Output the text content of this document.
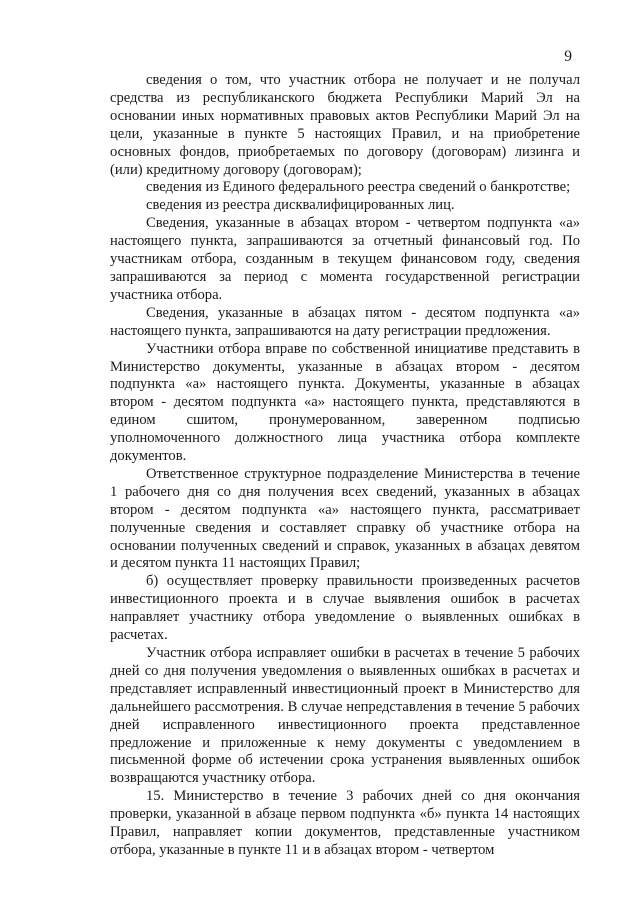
9

сведения о том, что участник отбора не получает и не получал средства из республиканского бюджета Республики Марий Эл на основании иных нормативных правовых актов Республики Марий Эл на цели, указанные в пункте 5 настоящих Правил, и на приобретение основных фондов, приобретаемых по договору (договорам) лизинга и (или) кредитному договору (договорам);

сведения из Единого федерального реестра сведений о банкротстве;

сведения из реестра дисквалифицированных лиц.

Сведения, указанные в абзацах втором - четвертом подпункта «а» настоящего пункта, запрашиваются за отчетный финансовый год. По участникам отбора, созданным в текущем финансовом году, сведения запрашиваются за период с момента государственной регистрации участника отбора.

Сведения, указанные в абзацах пятом - десятом подпункта «а» настоящего пункта, запрашиваются на дату регистрации предложения.

Участники отбора вправе по собственной инициативе представить в Министерство документы, указанные в абзацах втором - десятом подпункта «а» настоящего пункта. Документы, указанные в абзацах втором - десятом подпункта «а» настоящего пункта, представляются в едином сшитом, пронумерованном, заверенном подписью уполномоченного должностного лица участника отбора комплекте документов.

Ответственное структурное подразделение Министерства в течение 1 рабочего дня со дня получения всех сведений, указанных в абзацах втором - десятом подпункта «а» настоящего пункта, рассматривает полученные сведения и составляет справку об участнике отбора на основании полученных сведений и справок, указанных в абзацах девятом и десятом пункта 11 настоящих Правил;

б) осуществляет проверку правильности произведенных расчетов инвестиционного проекта и в случае выявления ошибок в расчетах направляет участнику отбора уведомление о выявленных ошибках в расчетах.

Участник отбора исправляет ошибки в расчетах в течение 5 рабочих дней со дня получения уведомления о выявленных ошибках в расчетах и представляет исправленный инвестиционный проект в Министерство для дальнейшего рассмотрения. В случае непредставления в течение 5 рабочих дней исправленного инвестиционного проекта представленное предложение и приложенные к нему документы с уведомлением в письменной форме об истечении срока устранения выявленных ошибок возвращаются участнику отбора.

15. Министерство в течение 3 рабочих дней со дня окончания проверки, указанной в абзаце первом подпункта «б» пункта 14 настоящих Правил, направляет копии документов, представленные участником отбора, указанные в пункте 11 и в абзацах втором - четвертом
